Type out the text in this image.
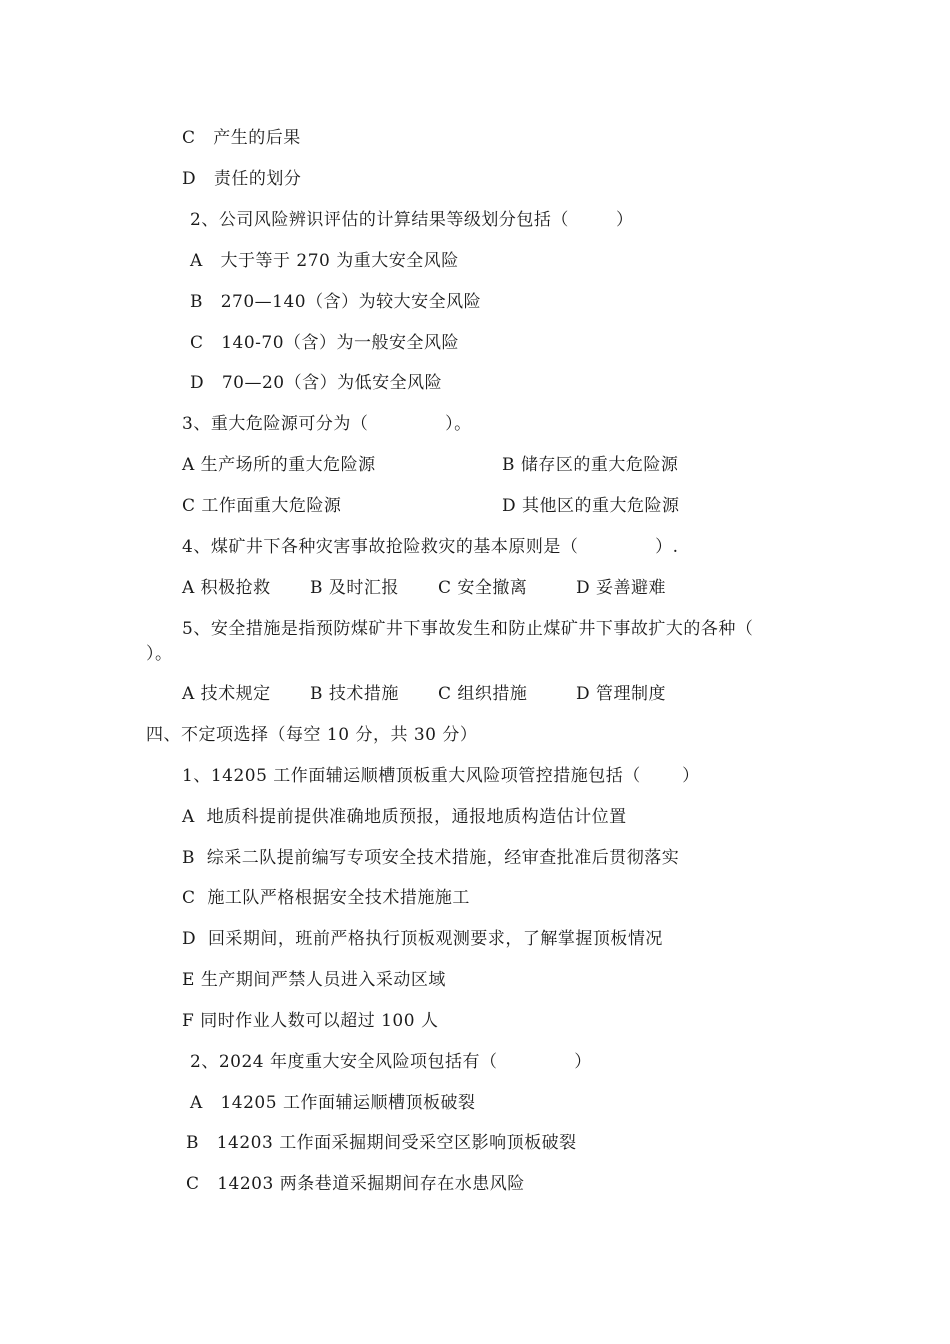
C   产生的后果
D   责任的划分
2、公司风险辨识评估的计算结果等级划分包括（        ）
A   大于等于 270 为重大安全风险
B   270—140（含）为较大安全风险
C   140-70（含）为一般安全风险
D   70—20（含）为低安全风险
3、重大危险源可分为（             ）。
A 生产场所的重大危险源	B 储存区的重大危险源
C 工作面重大危险源	D 其他区的重大危险源
4、煤矿井下各种灾害事故抢险救灾的基本原则是（             ）.
A 积极抢救 B 及时汇报 C 安全撤离	D 妥善避难
5、安全措施是指预防煤矿井下事故发生和防止煤矿井下事故扩大的各种（
）。
A 技术规定 B 技术措施 C 组织措施	D 管理制度
四、不定项选择（每空 10 分，共 30 分）
1、14205 工作面辅运顺槽顶板重大风险项管控措施包括（       ）
A  地质科提前提供准确地质预报，通报地质构造估计位置
B  综采二队提前编写专项安全技术措施，经审查批准后贯彻落实
C  施工队严格根据安全技术措施施工
D  回采期间，班前严格执行顶板观测要求，了解掌握顶板情况
E 生产期间严禁人员进入采动区域
F 同时作业人数可以超过 100 人
2、2024 年度重大安全风险项包括有（             ）
A   14205 工作面辅运顺槽顶板破裂
B   14203 工作面采掘期间受采空区影响顶板破裂
C   14203 两条巷道采掘期间存在水患风险
